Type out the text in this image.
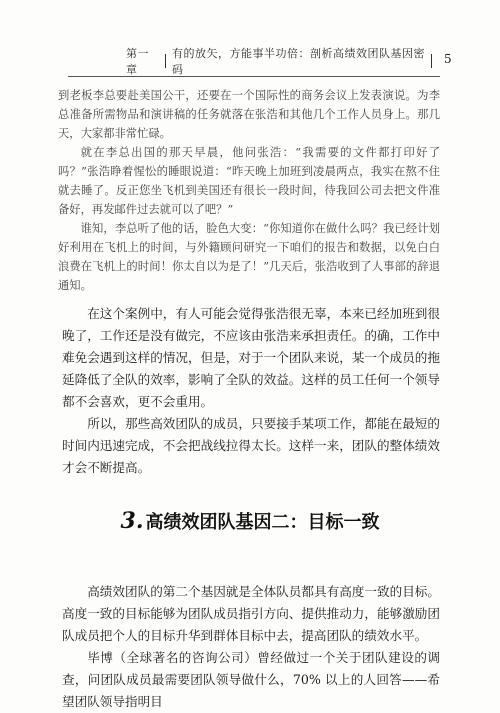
第一章
有的放矢，方能事半功倍：剖析高绩效团队基因密码
5

到老板李总要赴美国公干，还要在一个国际性的商务会议上发表演说。为李总准备所需物品和演讲稿的任务就落在张浩和其他几个工作人员身上。那几天，大家都非常忙碌。

就在李总出国的那天早晨，他问张浩：“我需要的文件都打印好了吗？”张浩睁着惺忪的睡眼说道：“昨天晚上加班到凌晨两点，我实在熬不住就去睡了。反正您坐飞机到美国还有很长一段时间，待我回公司去把文件准备好，再发邮件过去就可以了吧？”

谁知，李总听了他的话，脸色大变：“你知道你在做什么吗？我已经计划好利用在飞机上的时间，与外籍顾问研究一下咱们的报告和数据，以免白白浪费在飞机上的时间！你太自以为是了！”几天后，张浩收到了人事部的辞退通知。

在这个案例中，有人可能会觉得张浩很无辜，本来已经加班到很晚了，工作还是没有做完，不应该由张浩来承担责任。的确，工作中难免会遇到这样的情况，但是，对于一个团队来说，某一个成员的拖延降低了全队的效率，影响了全队的效益。这样的员工任何一个领导都不会喜欢，更不会重用。

所以，那些高效团队的成员，只要接手某项工作，都能在最短的时间内迅速完成，不会把战线拉得太长。这样一来，团队的整体绩效才会不断提高。

3. 高绩效团队基因二：目标一致

高绩效团队的第二个基因就是全体队员都具有高度一致的目标。高度一致的目标能够为团队成员指引方向、提供推动力，能够激励团队成员把个人的目标升华到群体目标中去，提高团队的绩效水平。

毕博（全球著名的咨询公司）曾经做过一个关于团队建设的调查，问团队成员最需要团队领导做什么，70% 以上的人回答——希望团队领导指明目
